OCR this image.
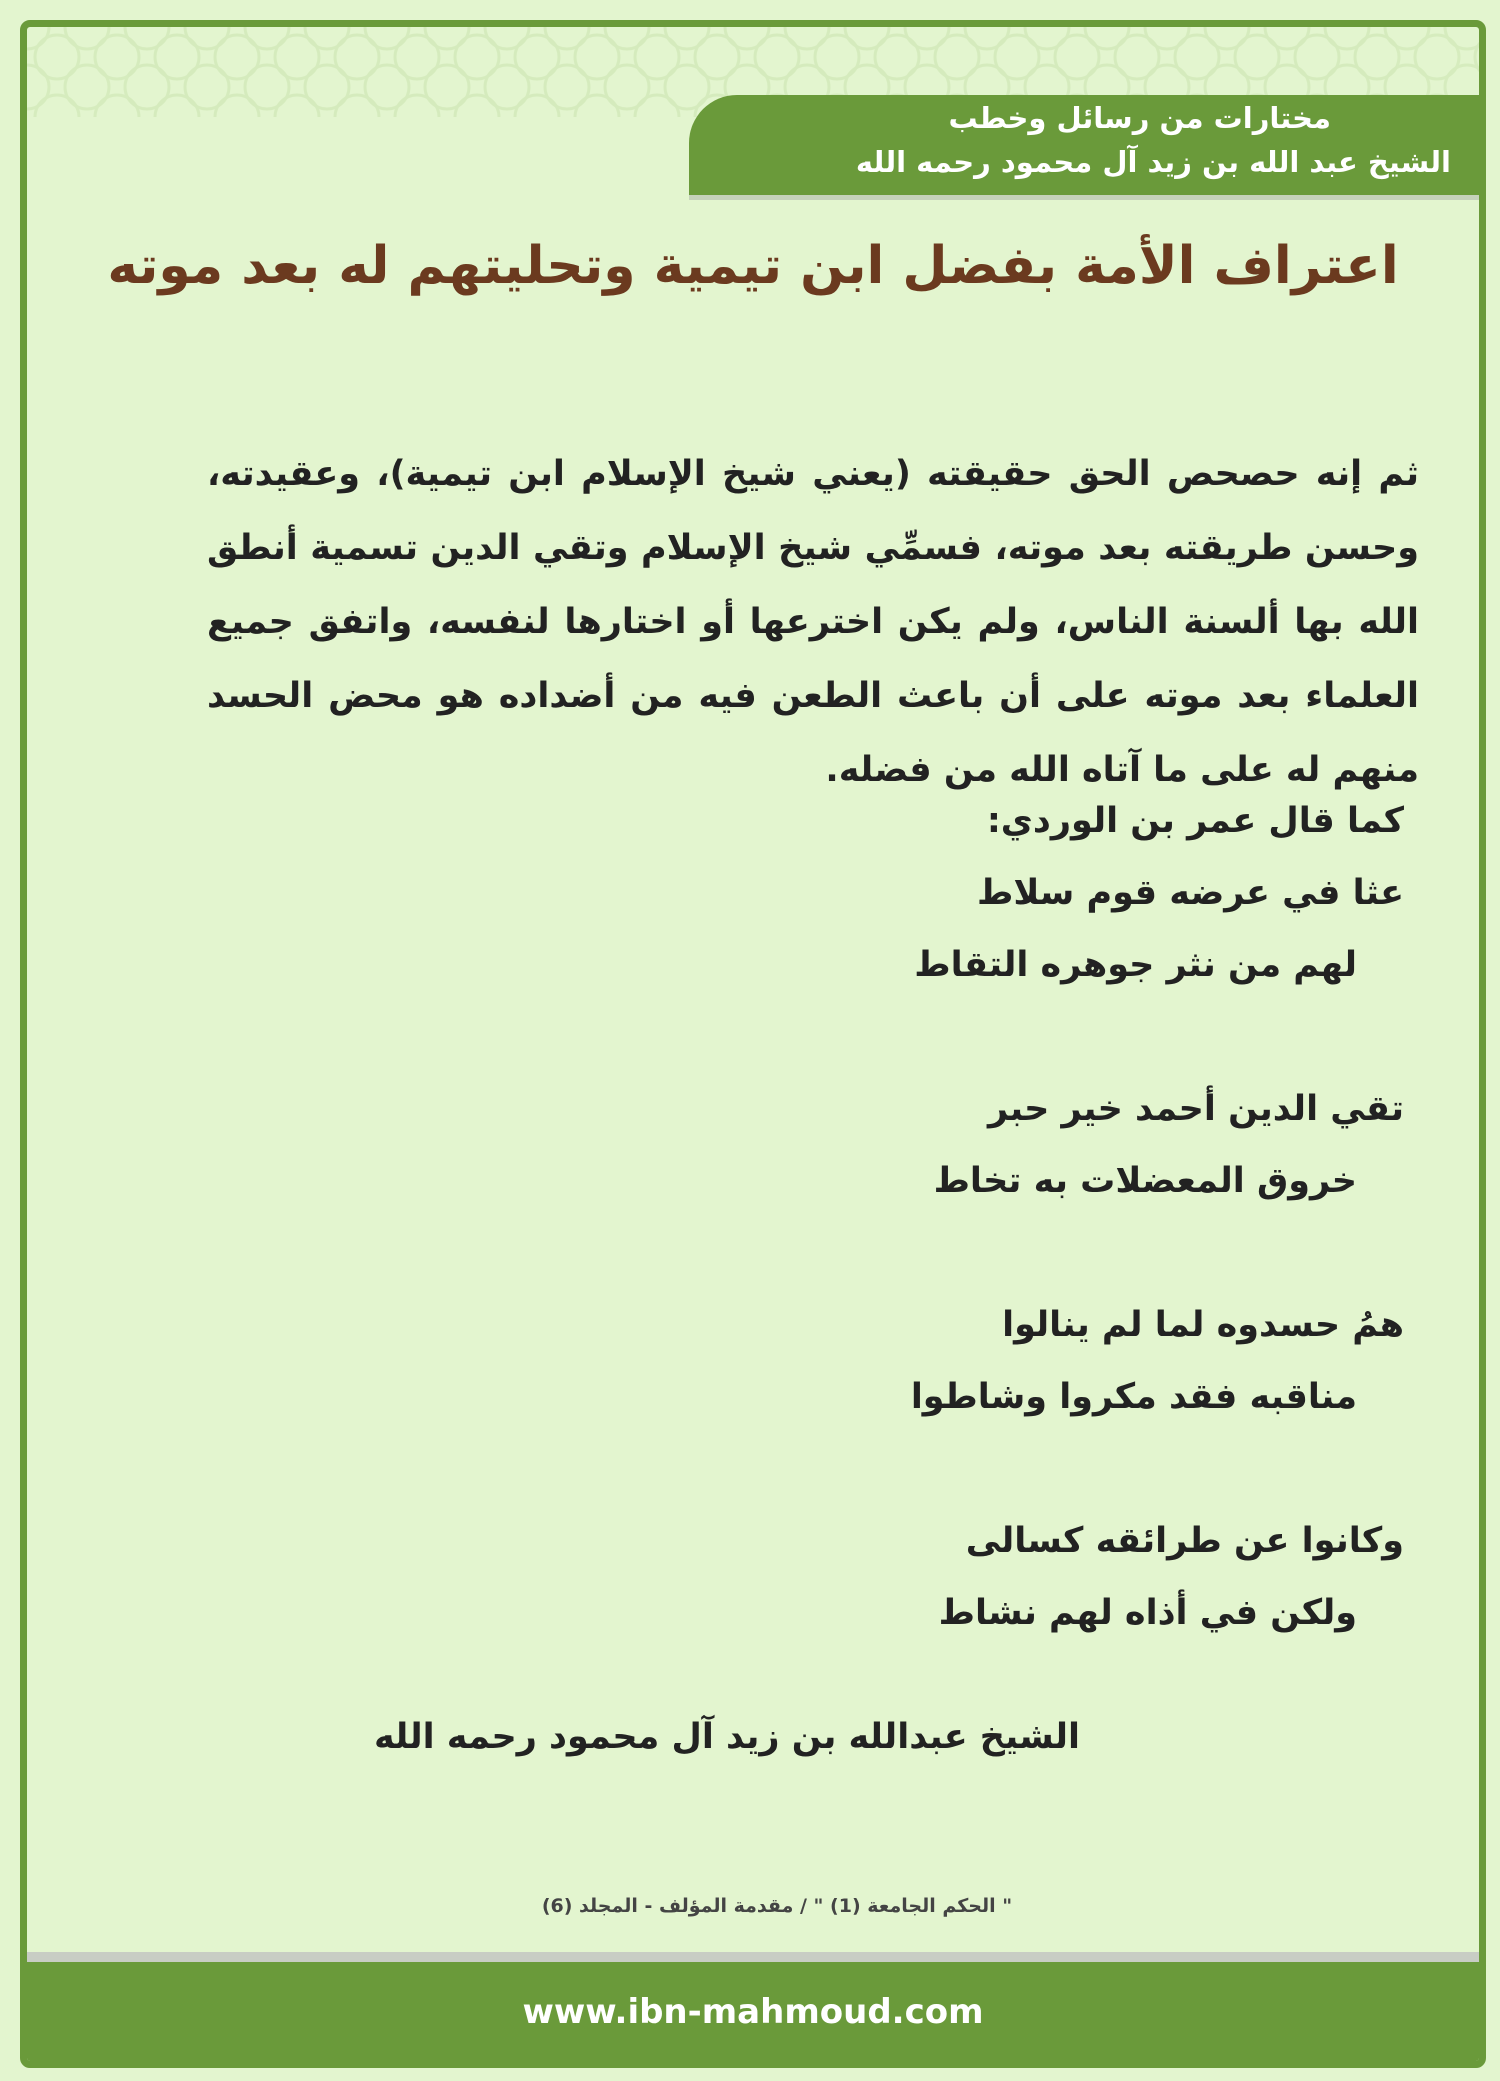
مختارات من رسائل وخطب
الشيخ عبد الله بن زيد آل محمود رحمه الله
اعتراف الأمة بفضل ابن تيمية وتحليتهم له بعد موته
ثم إنه حصحص الحق حقيقته (يعني شيخ الإسلام ابن تيمية)، وعقيدته، وحسن طريقته بعد موته، فسمِّي شيخ الإسلام وتقي الدين تسمية أنطق الله بها ألسنة الناس، ولم يكن اخترعها أو اختارها لنفسه، واتفق جميع العلماء بعد موته على أن باعث الطعن فيه من أضداده هو محض الحسد منهم له على ما آتاه الله من فضله.
كما قال عمر بن الوردي:
عثا في عرضه قوم سلاط
لهم من نثر جوهره التقاط
تقي الدين أحمد خير حبر
خروق المعضلات به تخاط
همُ حسدوه لما لم ينالوا
مناقبه فقد مكروا وشاطوا
وكانوا عن طرائقه كسالى
ولكن في أذاه لهم نشاط
الشيخ عبدالله بن زيد آل محمود رحمه الله
" الحكم الجامعة (1) " / مقدمة المؤلف - المجلد (6)
www.ibn-mahmoud.com
